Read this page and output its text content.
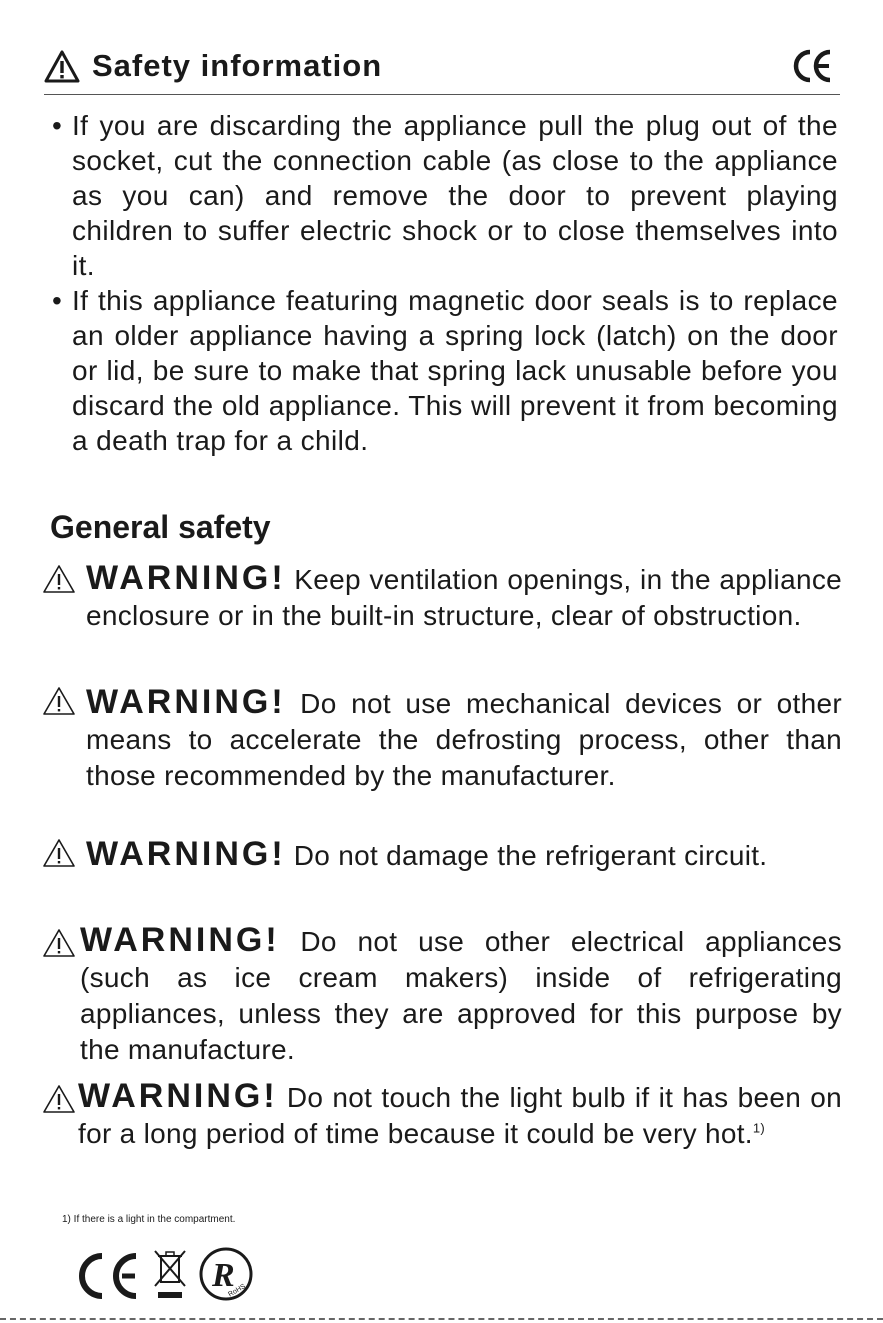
Safety information
• If you are discarding the appliance pull the plug out of the socket, cut the connection cable (as close to the appliance as you can) and remove the door to prevent playing children to suffer electric shock or to close themselves into it.
• If this appliance featuring magnetic door seals is to replace an older appliance having a spring lock (latch) on the door or lid, be sure to make that spring lack unusable before you discard the old appliance. This will prevent it from becoming a death trap for a child.
General safety

WARNING! Keep ventilation openings, in the appliance enclosure or in the built-in structure, clear of obstruction.

WARNING! Do not use mechanical devices or other means to accelerate the defrosting process, other than those recommended by the manufacturer.

WARNING! Do not damage the refrigerant circuit.

WARNING! Do not use other electrical appliances (such as ice cream makers) inside of refrigerating appliances, unless they are approved for this purpose by the manufacture.

WARNING! Do not touch the light bulb if it has been on for a long period of time because it could be very hot.$^{1)}$

1) If there is a light in the compartment.
R
RoHS
